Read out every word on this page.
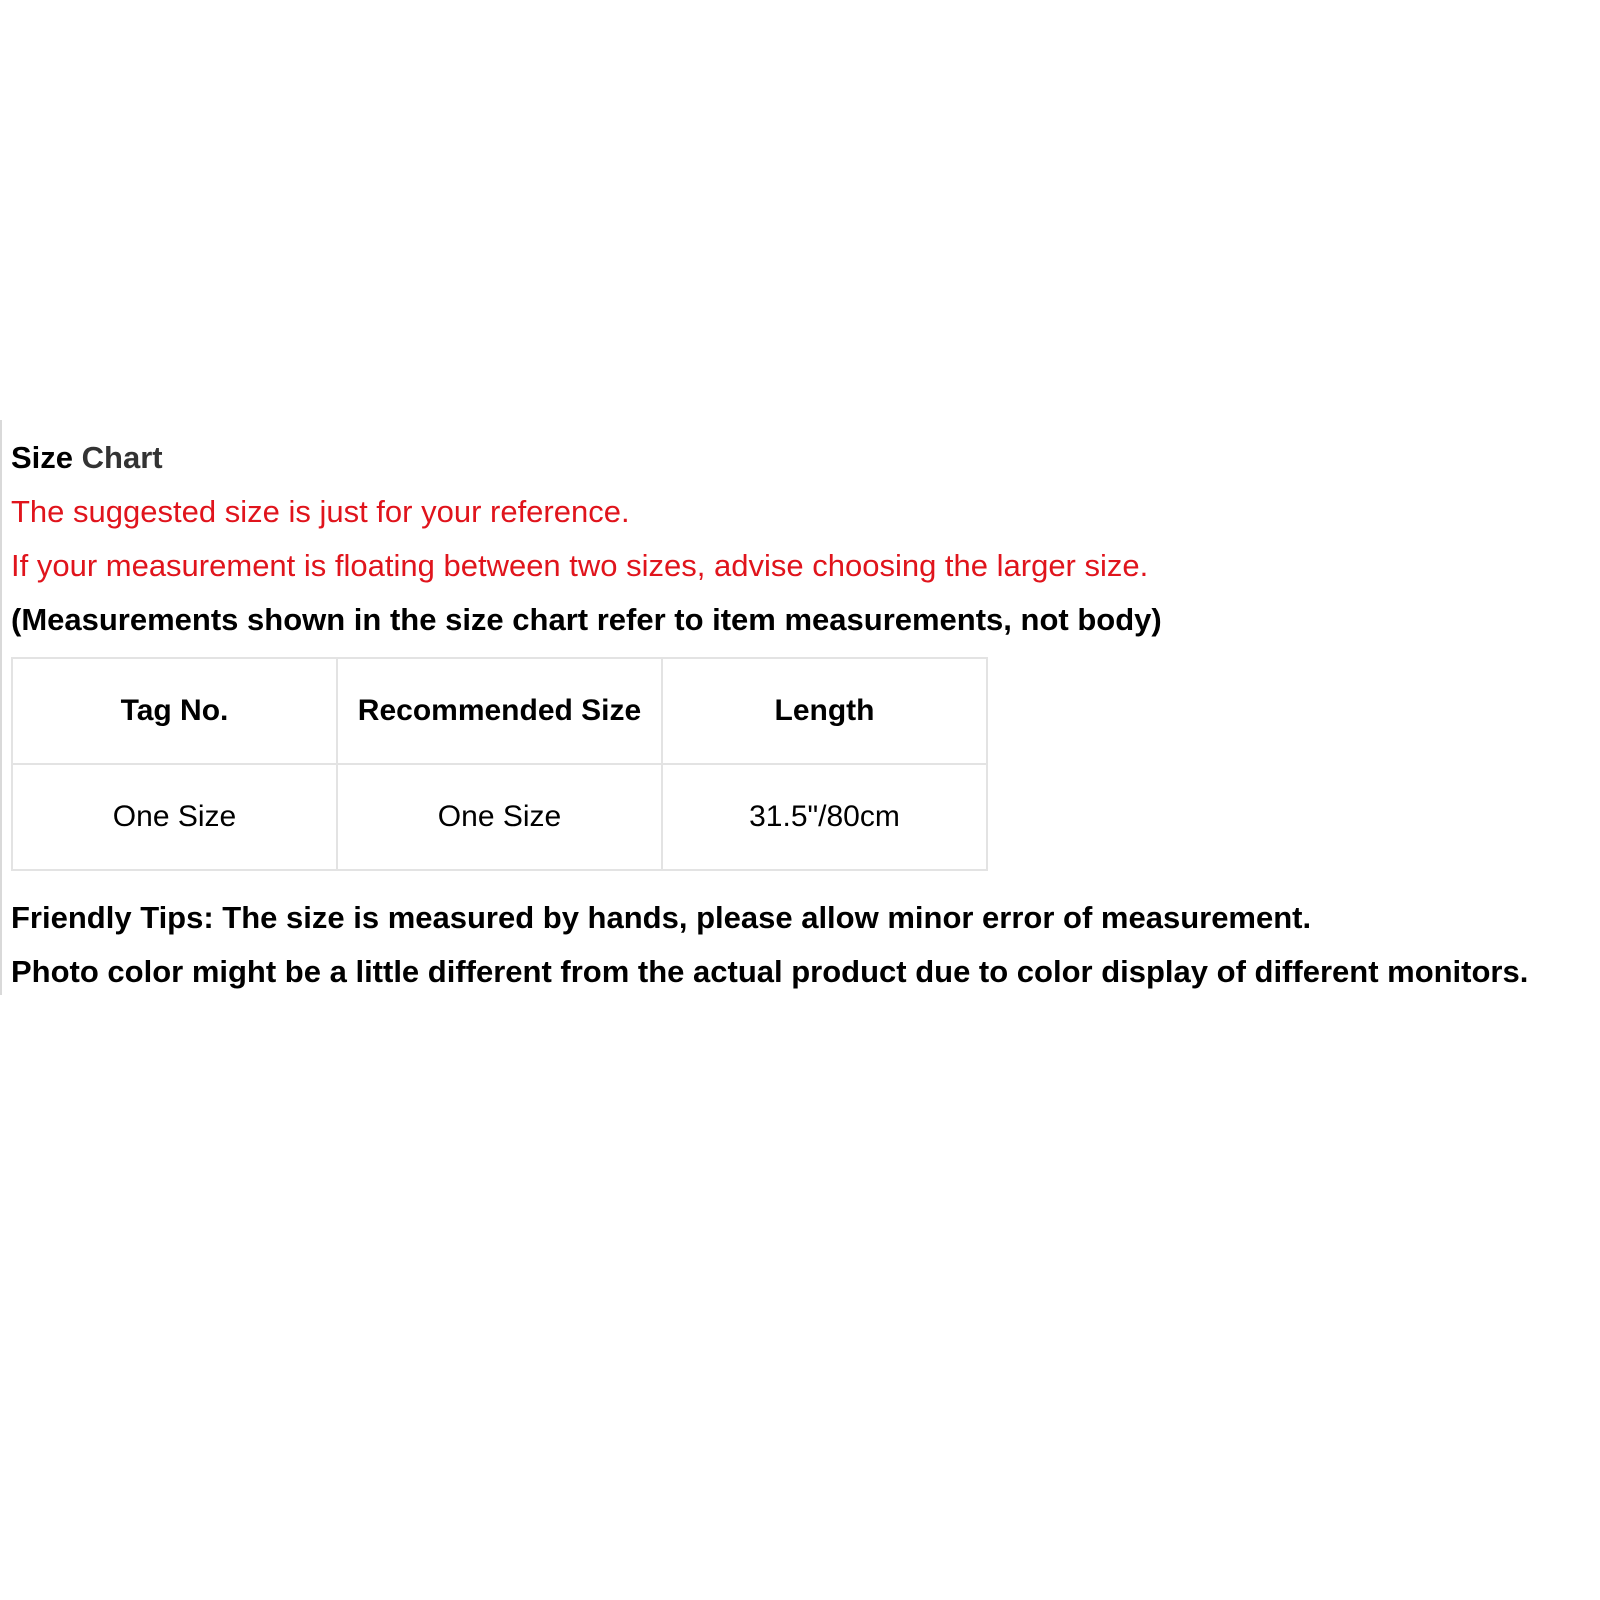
Size Chart
The suggested size is just for your reference.
If your measurement is floating between two sizes, advise choosing the larger size.
(Measurements shown in the size chart refer to item measurements, not body)
Tag No.	Recommended Size	Length
One Size	One Size	31.5"/80cm
Friendly Tips: The size is measured by hands, please allow minor error of measurement.
Photo color might be a little different from the actual product due to color display of different monitors.
